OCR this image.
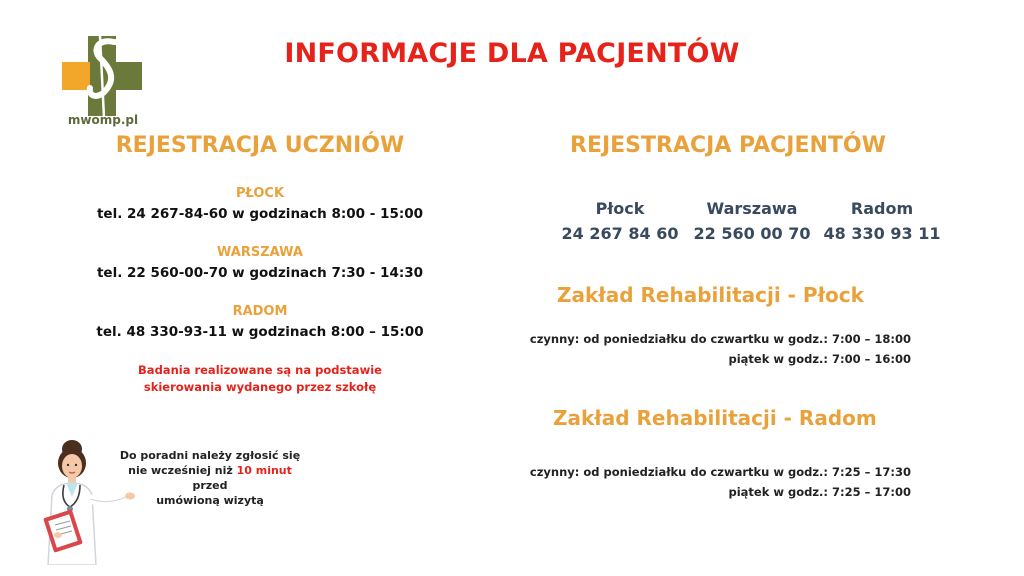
mwomp.pl
INFORMACJE DLA PACJENTÓW
REJESTRACJA UCZNIÓW
PŁOCK
tel. 24 267-84-60 w godzinach 8:00 - 15:00
WARSZAWA
tel. 22 560-00-70 w godzinach 7:30 - 14:30
RADOM
tel. 48 330-93-11 w godzinach 8:00 – 15:00
Badania realizowane są na podstawie
skierowania wydanego przez szkołę
Do poradni należy zgłosić się
nie wcześniej niż 10 minut przed
umówioną wizytą
REJESTRACJA PACJENTÓW
Płock
24 267 84 60
Warszawa
22 560 00 70
Radom
48 330 93 11
Zakład Rehabilitacji - Płock
czynny: od poniedziałku do czwartku w godz.: 7:00 – 18:00
piątek w godz.: 7:00 – 16:00
Zakład Rehabilitacji - Radom
czynny: od poniedziałku do czwartku w godz.: 7:25 – 17:30
piątek w godz.: 7:25 – 17:00
